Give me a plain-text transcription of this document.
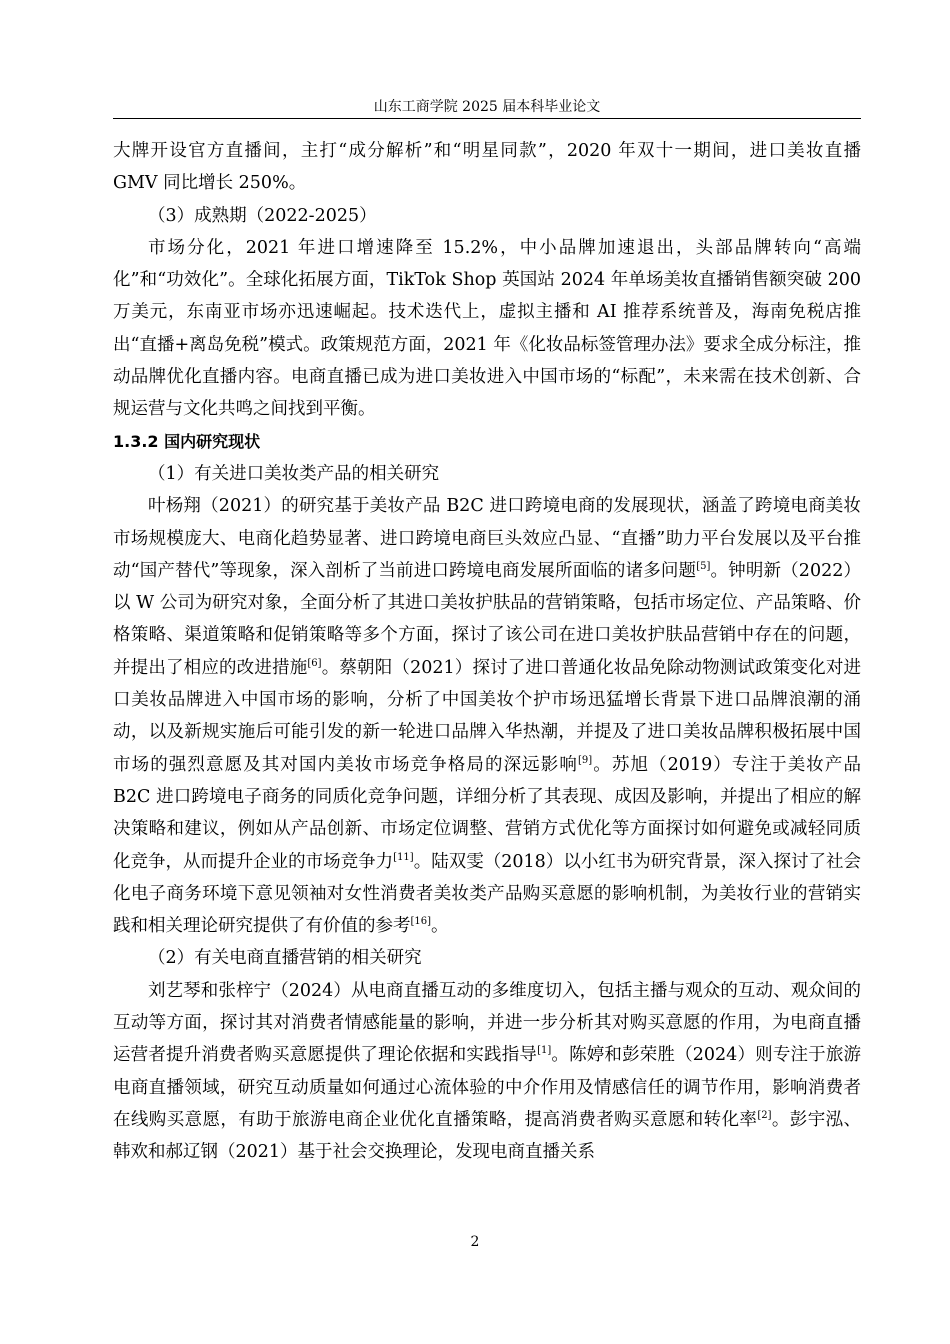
山东工商学院 2025 届本科毕业论文

大牌开设官方直播间，主打“成分解析”和“明星同款”，2020 年双十一期间，进口美妆直播 GMV 同比增长 250%。

（3）成熟期（2022-2025）

市场分化，2021 年进口增速降至 15.2%，中小品牌加速退出，头部品牌转向“高端化”和“功效化”。全球化拓展方面，TikTok Shop 英国站 2024 年单场美妆直播销售额突破 200 万美元，东南亚市场亦迅速崛起。技术迭代上，虚拟主播和 AI 推荐系统普及，海南免税店推出“直播+离岛免税”模式。政策规范方面，2021 年《化妆品标签管理办法》要求全成分标注，推动品牌优化直播内容。电商直播已成为进口美妆进入中国市场的“标配”，未来需在技术创新、合规运营与文化共鸣之间找到平衡。

1.3.2 国内研究现状

（1）有关进口美妆类产品的相关研究

叶杨翔（2021）的研究基于美妆产品 B2C 进口跨境电商的发展现状，涵盖了跨境电商美妆市场规模庞大、电商化趋势显著、进口跨境电商巨头效应凸显、“直播”助力平台发展以及平台推动“国产替代”等现象，深入剖析了当前进口跨境电商发展所面临的诸多问题[5]。钟明新（2022）以 W 公司为研究对象，全面分析了其进口美妆护肤品的营销策略，包括市场定位、产品策略、价格策略、渠道策略和促销策略等多个方面，探讨了该公司在进口美妆护肤品营销中存在的问题，并提出了相应的改进措施[6]。蔡朝阳（2021）探讨了进口普通化妆品免除动物测试政策变化对进口美妆品牌进入中国市场的影响，分析了中国美妆个护市场迅猛增长背景下进口品牌浪潮的涌动，以及新规实施后可能引发的新一轮进口品牌入华热潮，并提及了进口美妆品牌积极拓展中国市场的强烈意愿及其对国内美妆市场竞争格局的深远影响[9]。苏旭（2019）专注于美妆产品 B2C 进口跨境电子商务的同质化竞争问题，详细分析了其表现、成因及影响，并提出了相应的解决策略和建议，例如从产品创新、市场定位调整、营销方式优化等方面探讨如何避免或减轻同质化竞争，从而提升企业的市场竞争力[11]。陆双雯（2018）以小红书为研究背景，深入探讨了社会化电子商务环境下意见领袖对女性消费者美妆类产品购买意愿的影响机制，为美妆行业的营销实践和相关理论研究提供了有价值的参考[16]。

（2）有关电商直播营销的相关研究

刘艺琴和张梓宁（2024）从电商直播互动的多维度切入，包括主播与观众的互动、观众间的互动等方面，探讨其对消费者情感能量的影响，并进一步分析其对购买意愿的作用，为电商直播运营者提升消费者购买意愿提供了理论依据和实践指导[1]。陈婷和彭荣胜（2024）则专注于旅游电商直播领域，研究互动质量如何通过心流体验的中介作用及情感信任的调节作用，影响消费者在线购买意愿，有助于旅游电商企业优化直播策略，提高消费者购买意愿和转化率[2]。彭宇泓、韩欢和郝辽钢（2021）基于社会交换理论，发现电商直播关系

2
